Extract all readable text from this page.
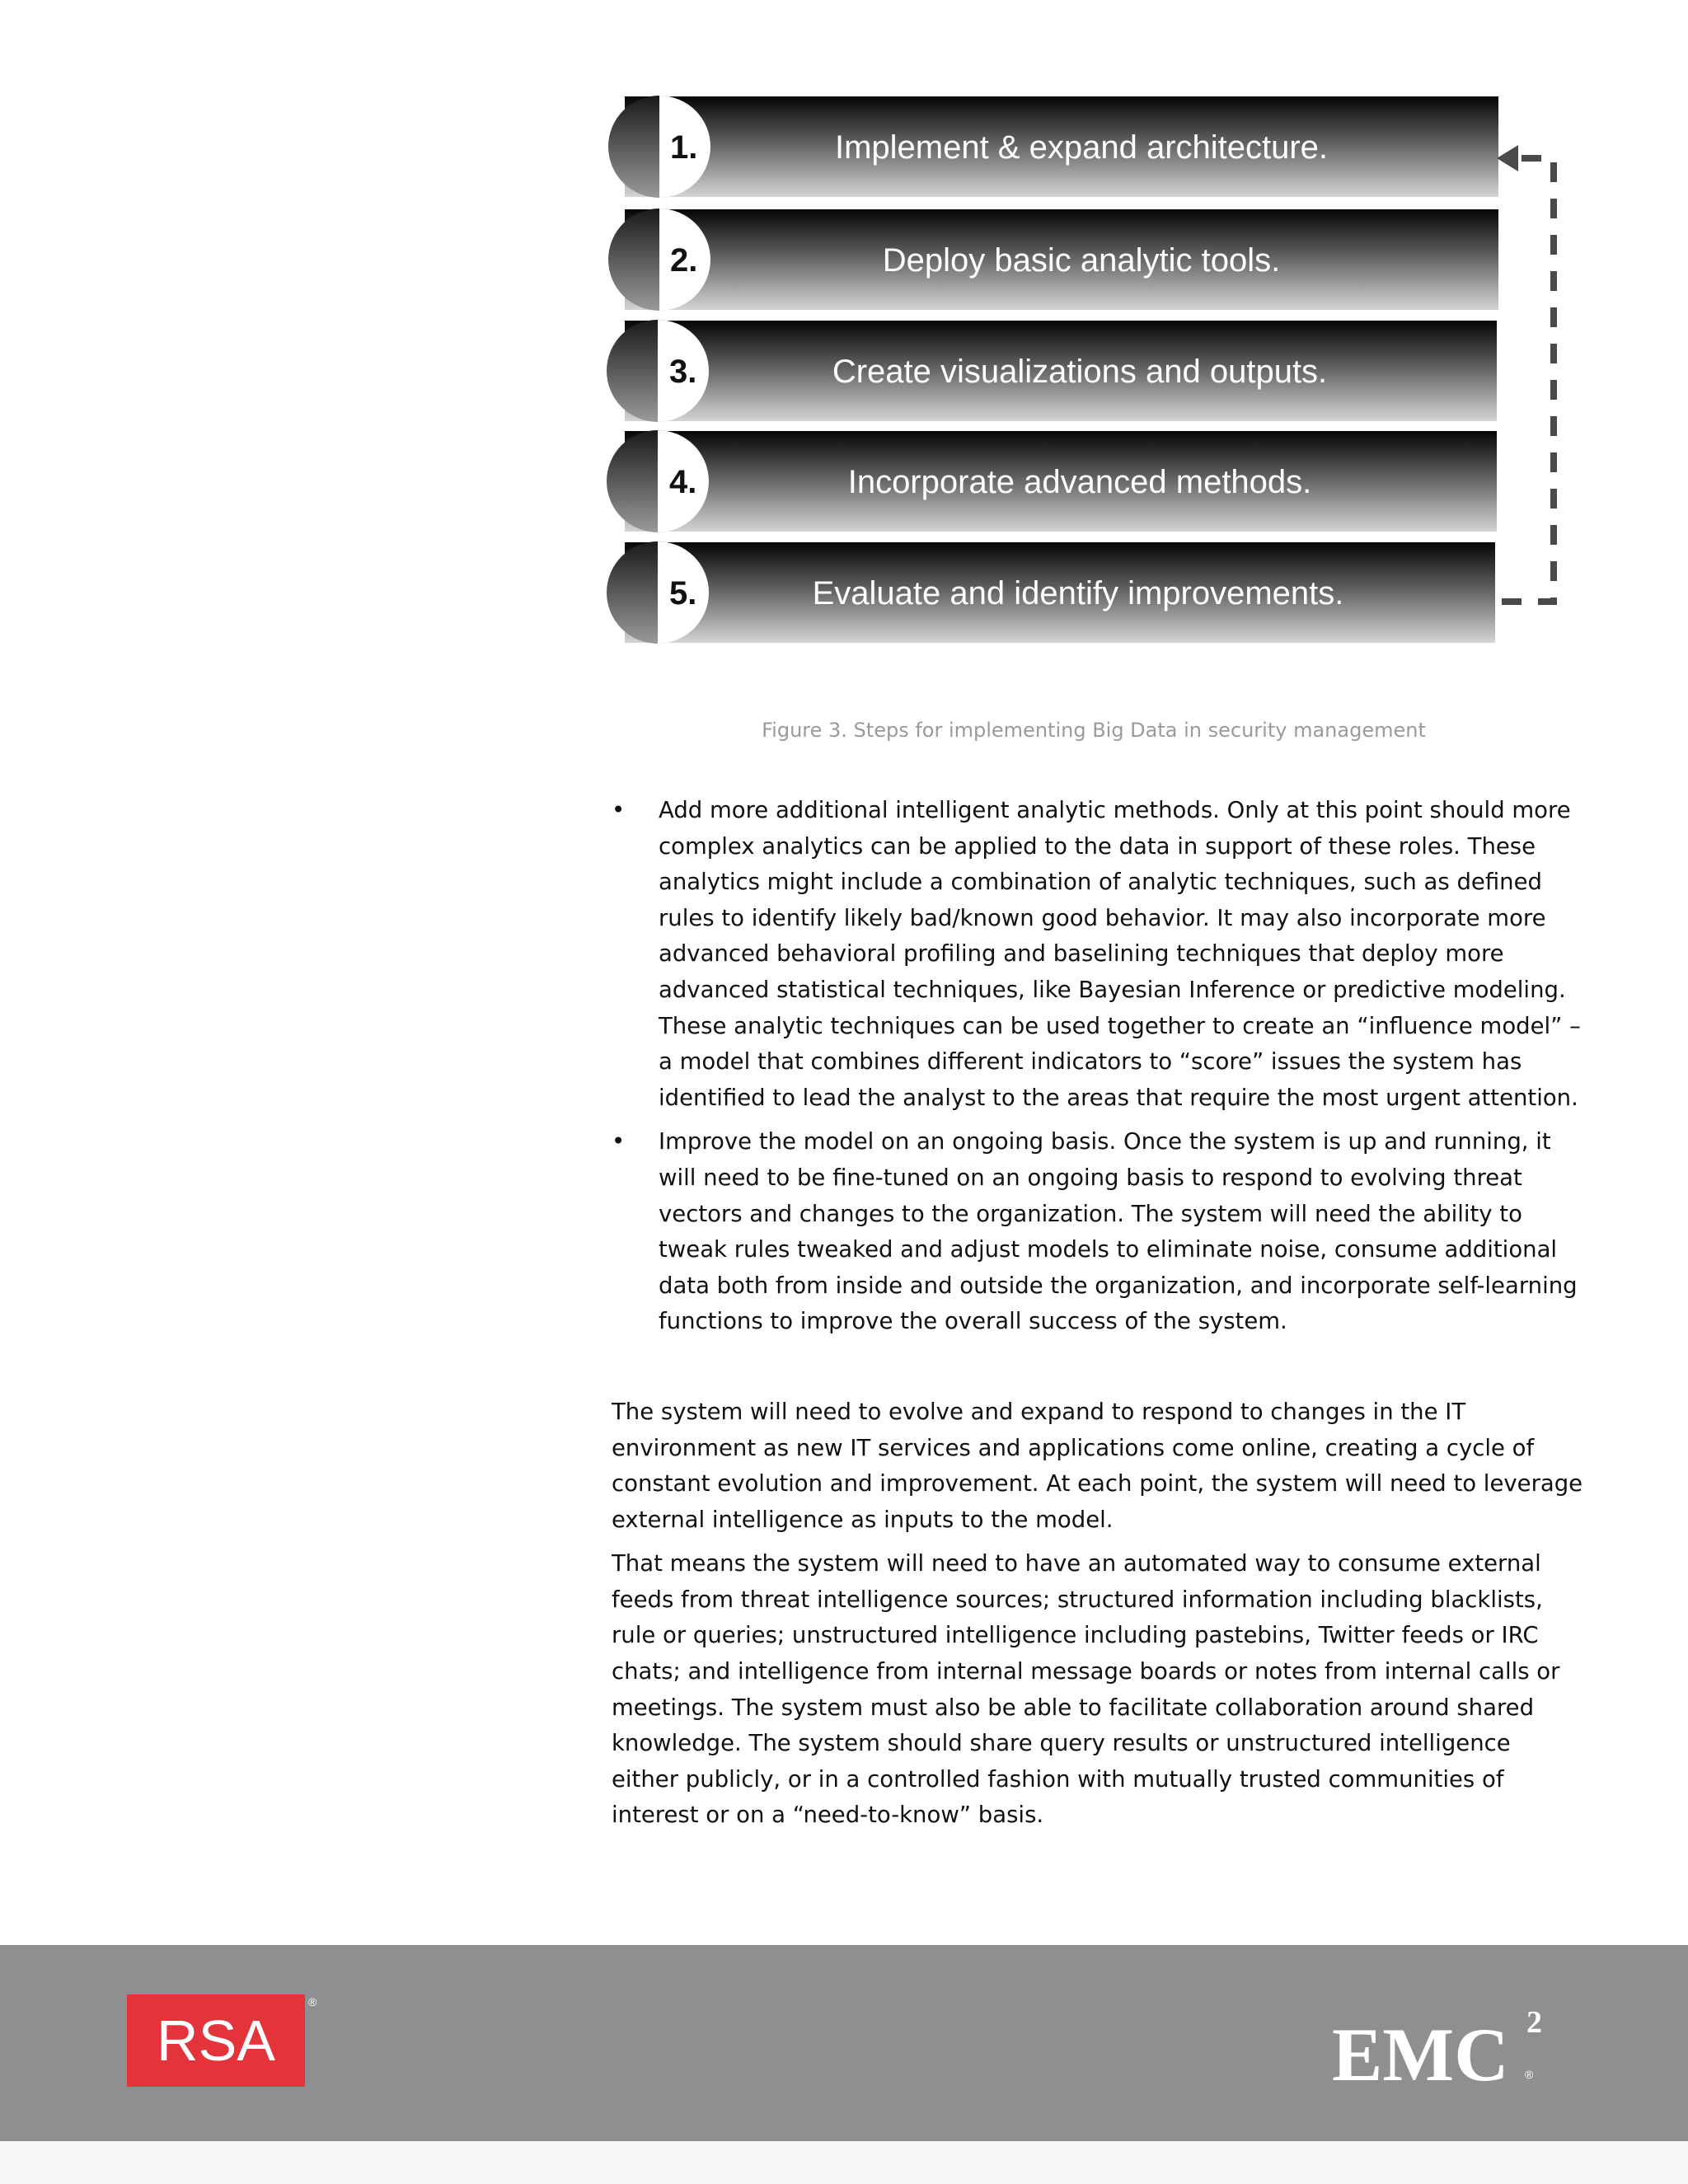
1.	Implement & expand architecture.
2.	Deploy basic analytic tools.
3.	Create visualizations and outputs.
4.	Incorporate advanced methods.
5.	Evaluate and identify improvements.
Figure 3. Steps for implementing Big Data in security management
• Add more additional intelligent analytic methods. Only at this point should more complex analytics can be applied to the data in support of these roles. These analytics might include a combination of analytic techniques, such as defined rules to identify likely bad/known good behavior. It may also incorporate more advanced behavioral profiling and baselining techniques that deploy more advanced statistical techniques, like Bayesian Inference or predictive modeling. These analytic techniques can be used together to create an “influence model” – a model that combines different indicators to “score” issues the system has identified to lead the analyst to the areas that require the most urgent attention.
• Improve the model on an ongoing basis. Once the system is up and running, it will need to be fine-tuned on an ongoing basis to respond to evolving threat vectors and changes to the organization. The system will need the ability to tweak rules tweaked and adjust models to eliminate noise, consume additional data both from inside and outside the organization, and incorporate self-learning functions to improve the overall success of the system.

The system will need to evolve and expand to respond to changes in the IT environment as new IT services and applications come online, creating a cycle of constant evolution and improvement. At each point, the system will need to leverage external intelligence as inputs to the model.

That means the system will need to have an automated way to consume external feeds from threat intelligence sources; structured information including blacklists, rule or queries; unstructured intelligence including pastebins, Twitter feeds or IRC chats; and intelligence from internal message boards or notes from internal calls or meetings. The system must also be able to facilitate collaboration around shared knowledge. The system should share query results or unstructured intelligence either publicly, or in a controlled fashion with mutually trusted communities of interest or on a “need-to-know” basis.

RSA
®
EMC 2
®
